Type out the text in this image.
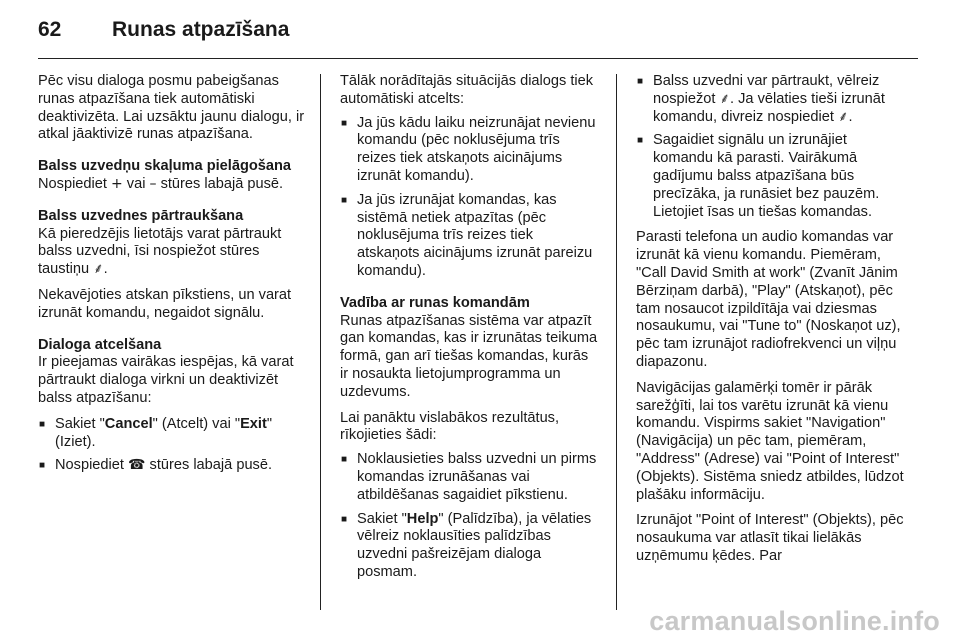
62 Runas atpazīšana

Pēc visu dialoga posmu pabeigšanas runas atpazīšana tiek automātiski deaktivizēta. Lai uzsāktu jaunu dialogu, ir atkal jāaktivizē runas atpazīšana.

Balss uzvedņu skaļuma pielāgošana

Nospiediet + vai – stūres labajā pusē.

Balss uzvednes pārtraukšana

Kā pieredzējis lietotājs varat pārtraukt balss uzvedni, īsi nospiežot stūres taustiņu ⸙.

Nekavējoties atskan pīkstiens, un varat izrunāt komandu, negaidot signālu.

Dialoga atcelšana

Ir pieejamas vairākas iespējas, kā varat pārtraukt dialoga virkni un deaktivizēt balss atpazīšanu:

■ Sakiet "Cancel" (Atcelt) vai "Exit" (Iziet).
■ Nospiediet ☎ stūres labajā pusē.

Tālāk norādītajās situācijās dialogs tiek automātiski atcelts:

■ Ja jūs kādu laiku neizrunājat nevienu komandu (pēc noklusējuma trīs reizes tiek atskaņots aicinājums izrunāt komandu).
■ Ja jūs izrunājat komandas, kas sistēmā netiek atpazītas (pēc noklusējuma trīs reizes tiek atskaņots aicinājums izrunāt pareizu komandu).
Vadība ar runas komandām

Runas atpazīšanas sistēma var atpazīt gan komandas, kas ir izrunātas teikuma formā, gan arī tiešas komandas, kurās ir nosaukta lietojumprogramma un uzdevums.

Lai panāktu vislabākos rezultātus, rīkojieties šādi:

■ Noklausieties balss uzvedni un pirms komandas izrunāšanas vai atbildēšanas sagaidiet pīkstienu.
■ Sakiet "Help" (Palīdzība), ja vēlaties vēlreiz noklausīties palīdzības uzvedni pašreizējam dialoga posmam.
■ Balss uzvedni var pārtraukt, vēlreiz nospiežot ⸙. Ja vēlaties tieši izrunāt komandu, divreiz nospiediet ⸙.
■ Sagaidiet signālu un izrunājiet komandu kā parasti. Vairākumā gadījumu balss atpazīšana būs precīzāka, ja runāsiet bez pauzēm. Lietojiet īsas un tiešas komandas.

Parasti telefona un audio komandas var izrunāt kā vienu komandu. Piemēram, "Call David Smith at work" (Zvanīt Jānim Bērziņam darbā), "Play" (Atskaņot), pēc tam nosaucot izpildītāja vai dziesmas nosaukumu, vai "Tune to" (Noskaņot uz), pēc tam izrunājot radiofrekvenci un viļņu diapazonu.

Navigācijas galamērķi tomēr ir pārāk sarežģīti, lai tos varētu izrunāt kā vienu komandu. Vispirms sakiet "Navigation" (Navigācija) un pēc tam, piemēram, "Address" (Adrese) vai "Point of Interest" (Objekts). Sistēma sniedz atbildes, lūdzot plašāku informāciju.

Izrunājot "Point of Interest" (Objekts), pēc nosaukuma var atlasīt tikai lielākās uzņēmumu ķēdes. Par

carmanualsonline.info
